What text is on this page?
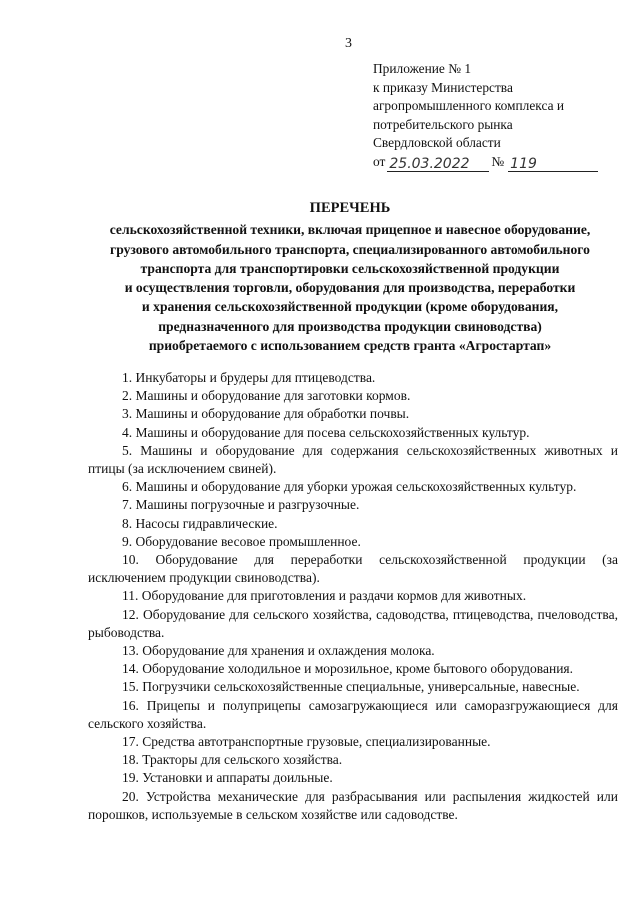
3
Приложение № 1
к приказу Министерства
агропромышленного комплекса и
потребительского рынка
Свердловской области
от 25.03.2022	№ 119
ПЕРЕЧЕНЬ
сельскохозяйственной техники, включая прицепное и навесное оборудование,
грузового автомобильного транспорта, специализированного автомобильного
транспорта для транспортировки сельскохозяйственной продукции
и осуществления торговли, оборудования для производства, переработки
и хранения сельскохозяйственной продукции (кроме оборудования,
предназначенного для производства продукции свиноводства)
приобретаемого с использованием средств гранта «Агростартап»

1. Инкубаторы и брудеры для птицеводства.

2. Машины и оборудование для заготовки кормов.

3. Машины и оборудование для обработки почвы.

4. Машины и оборудование для посева сельскохозяйственных культур.

5. Машины и оборудование для содержания сельскохозяйственных животных и птицы (за исключением свиней).

6. Машины и оборудование для уборки урожая сельскохозяйственных культур.

7. Машины погрузочные и разгрузочные.

8. Насосы гидравлические.

9. Оборудование весовое промышленное.

10. Оборудование для переработки сельскохозяйственной продукции (за исключением продукции свиноводства).

11. Оборудование для приготовления и раздачи кормов для животных.

12. Оборудование для сельского хозяйства, садоводства, птицеводства, пчеловодства, рыбоводства.

13. Оборудование для хранения и охлаждения молока.

14. Оборудование холодильное и морозильное, кроме бытового оборудования.

15. Погрузчики сельскохозяйственные специальные, универсальные, навесные.

16. Прицепы и полуприцепы самозагружающиеся или саморазгружающиеся для сельского хозяйства.

17. Средства автотранспортные грузовые, специализированные.

18. Тракторы для сельского хозяйства.

19. Установки и аппараты доильные.

20. Устройства механические для разбрасывания или распыления жидкостей или порошков, используемые в сельском хозяйстве или садоводстве.
